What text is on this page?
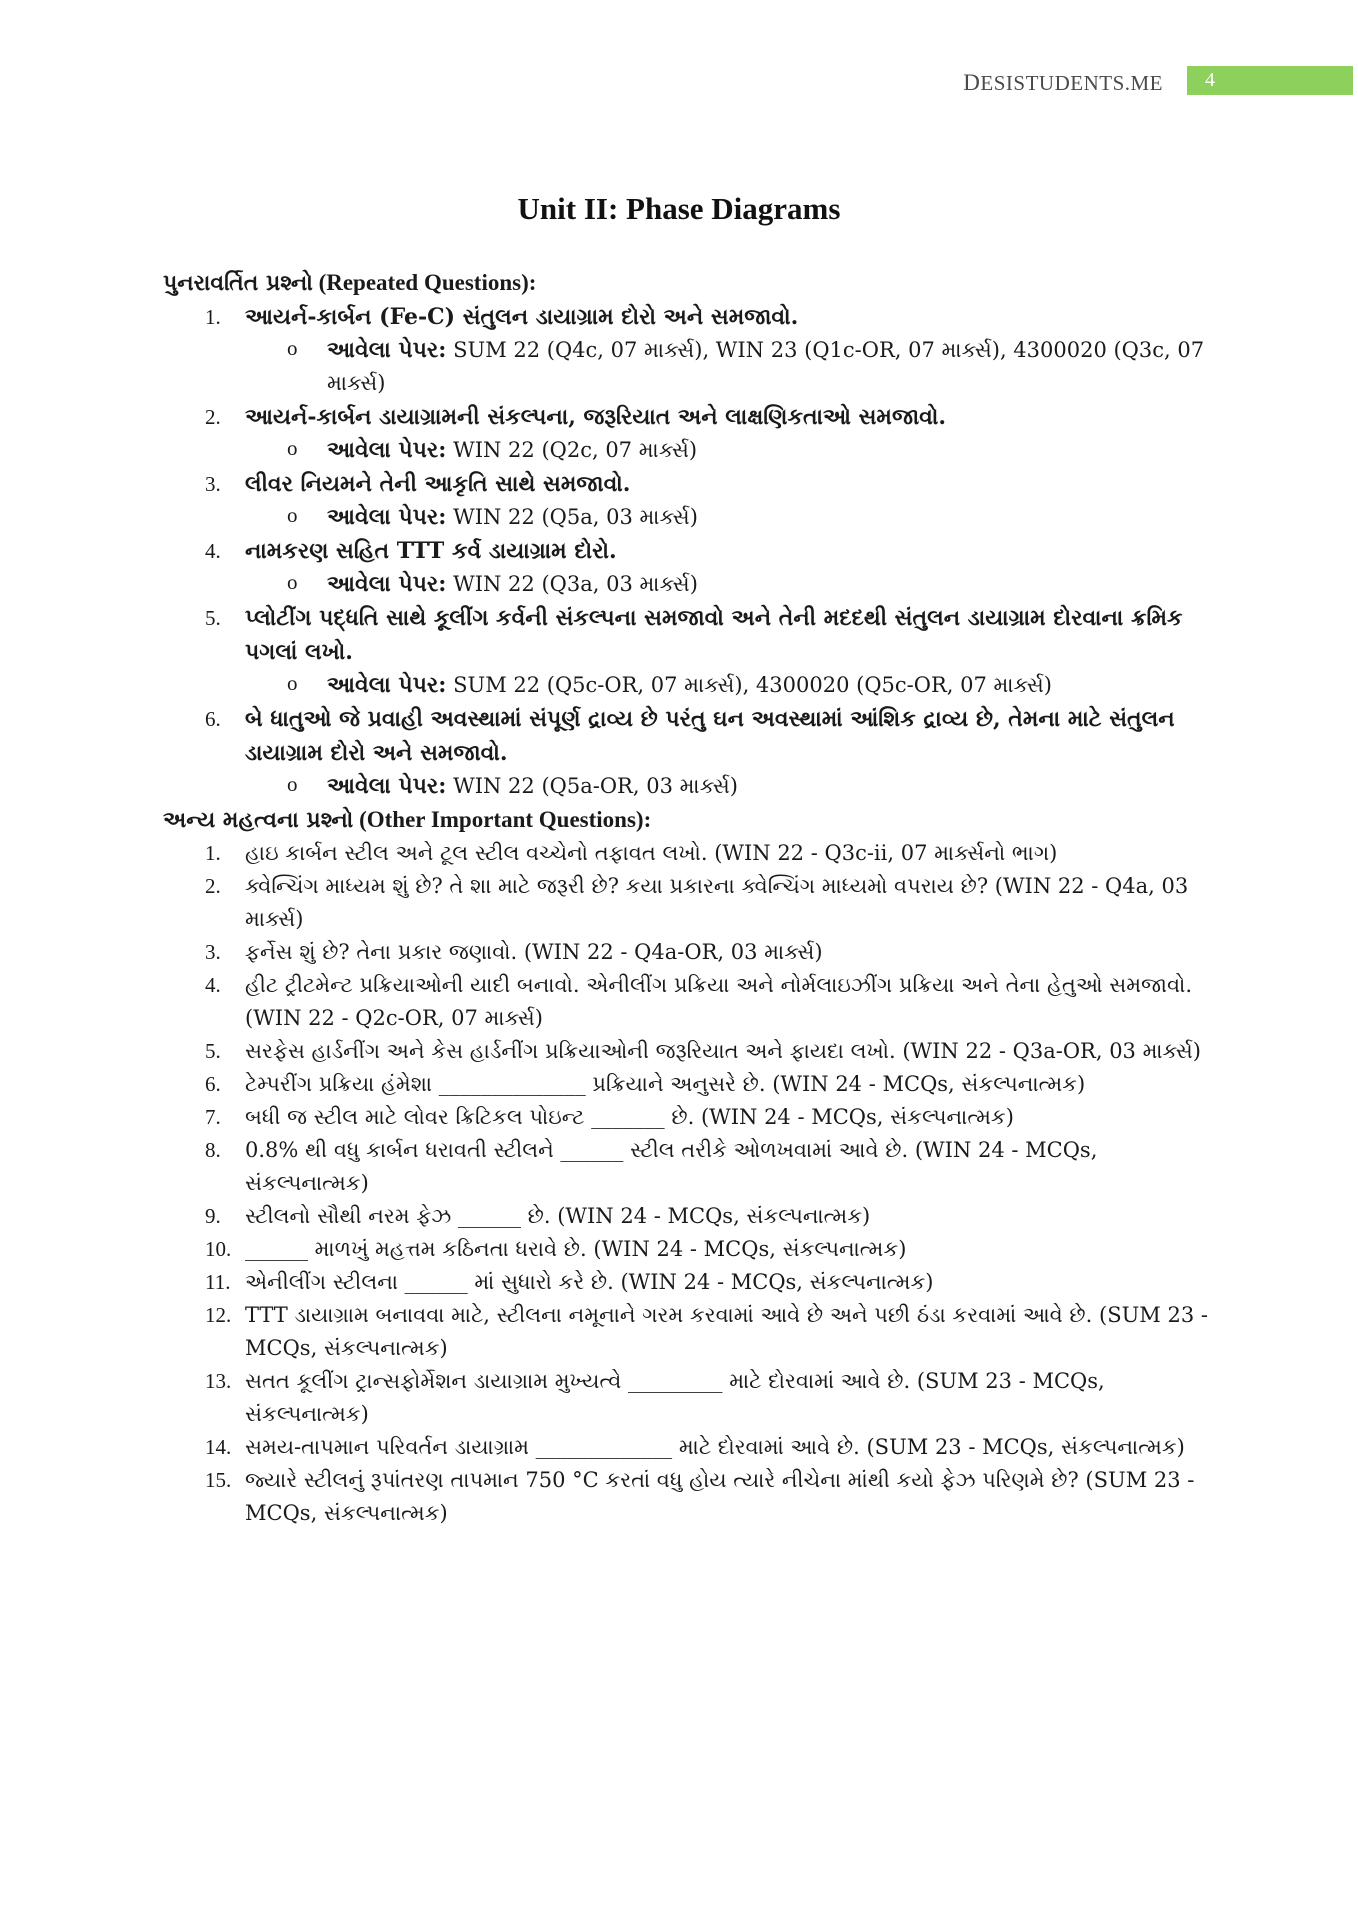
DESISTUDENTS.ME	4
Unit II: Phase Diagrams
પુનરાવર્તિત પ્રશ્નો (Repeated Questions):
1. આયર્ન-કાર્બન (Fe-C) સંતુલન ડાયાગ્રામ દોરો અને સમજાવો.
o આવેલા પેપર: SUM 22 (Q4c, 07 માર્ક્સ), WIN 23 (Q1c-OR, 07 માર્ક્સ), 4300020 (Q3c, 07 માર્ક્સ)
2. આયર્ન-કાર્બન ડાયાગ્રામની સંકલ્પના, જરૂરિયાત અને લાક્ષણિકતાઓ સમજાવો.
o આવેલા પેપર: WIN 22 (Q2c, 07 માર્ક્સ)
3. લીવર નિયમને તેની આકૃતિ સાથે સમજાવો.
o આવેલા પેપર: WIN 22 (Q5a, 03 માર્ક્સ)
4. નામકરણ સહિત TTT કર્વ ડાયાગ્રામ દોરો.
o આવેલા પેપર: WIN 22 (Q3a, 03 માર્ક્સ)
5. પ્લોટીંગ પદ્ધતિ સાથે કૂલીંગ કર્વની સંકલ્પના સમજાવો અને તેની મદદથી સંતુલન ડાયાગ્રામ દોરવાના ક્રમિક પગલાં લખો.
o આવેલા પેપર: SUM 22 (Q5c-OR, 07 માર્ક્સ), 4300020 (Q5c-OR, 07 માર્ક્સ)
6. બે ધાતુઓ જે પ્રવાહી અવસ્થામાં સંપૂર્ણ દ્રાવ્ય છે પરંતુ ઘન અવસ્થામાં આંશિક દ્રાવ્ય છે, તેમના માટે સંતુલન ડાયાગ્રામ દોરો અને સમજાવો.
o આવેલા પેપર: WIN 22 (Q5a-OR, 03 માર્ક્સ)
અન્ય મહત્વના પ્રશ્નો (Other Important Questions):
1. હાઇ કાર્બન સ્ટીલ અને ટૂલ સ્ટીલ વચ્ચેનો તફાવત લખો. (WIN 22 - Q3c-ii, 07 માર્ક્સનો ભાગ)
2. ક્વેન્ચિંગ માધ્યમ શું છે? તે શા માટે જરૂરી છે? કયા પ્રકારના ક્વેન્ચિંગ માધ્યમો વપરાય છે? (WIN 22 - Q4a, 03 માર્ક્સ)
3. ફર્નેસ શું છે? તેના પ્રકાર જણાવો. (WIN 22 - Q4a-OR, 03 માર્ક્સ)
4. હીટ ટ્રીટમેન્ટ પ્રક્રિયાઓની યાદી બનાવો. એનીલીંગ પ્રક્રિયા અને નોર્મલાઇઝીંગ પ્રક્રિયા અને તેના હેતુઓ સમજાવો. (WIN 22 - Q2c-OR, 07 માર્ક્સ)
5. સરફેસ હાર્ડનીંગ અને કેસ હાર્ડનીંગ પ્રક્રિયાઓની જરૂરિયાત અને ફાયદા લખો. (WIN 22 - Q3a-OR, 03 માર્ક્સ)
6. ટેમ્પરીંગ પ્રક્રિયા હંમેશા ______________ પ્રક્રિયાને અનુસરે છે. (WIN 24 - MCQs, સંકલ્પનાત્મક)
7. બધી જ સ્ટીલ માટે લોવર ક્રિટિકલ પોઇન્ટ _______ છે. (WIN 24 - MCQs, સંકલ્પનાત્મક)
8. 0.8% થી વધુ કાર્બન ધરાવતી સ્ટીલને ______ સ્ટીલ તરીકે ઓળખવામાં આવે છે. (WIN 24 - MCQs, સંકલ્પનાત્મક)
9. સ્ટીલનો સૌથી નરમ ફેઝ ______ છે. (WIN 24 - MCQs, સંકલ્પનાત્મક)
10. ______ માળખું મહત્તમ કઠિનતા ધરાવે છે. (WIN 24 - MCQs, સંકલ્પનાત્મક)
11. એનીલીંગ સ્ટીલના ______ માં સુધારો કરે છે. (WIN 24 - MCQs, સંકલ્પનાત્મક)
12. TTT ડાયાગ્રામ બનાવવા માટે, સ્ટીલના નમૂનાને ગરમ કરવામાં આવે છે અને પછી ઠંડા કરવામાં આવે છે. (SUM 23 - MCQs, સંકલ્પનાત્મક)
13. સતત કૂલીંગ ટ્રાન્સફોર્મેશન ડાયાગ્રામ મુખ્યત્વે _________ માટે દોરવામાં આવે છે. (SUM 23 - MCQs, સંકલ્પનાત્મક)
14. સમય-તાપમાન પરિવર્તન ડાયાગ્રામ _____________ માટે દોરવામાં આવે છે. (SUM 23 - MCQs, સંકલ્પનાત્મક)
15. જ્યારે સ્ટીલનું રૂપાંતરણ તાપમાન 750 °C કરતાં વધુ હોય ત્યારે નીચેના માંથી કયો ફેઝ પરિણમે છે? (SUM 23 - MCQs, સંકલ્પનાત્મક)
